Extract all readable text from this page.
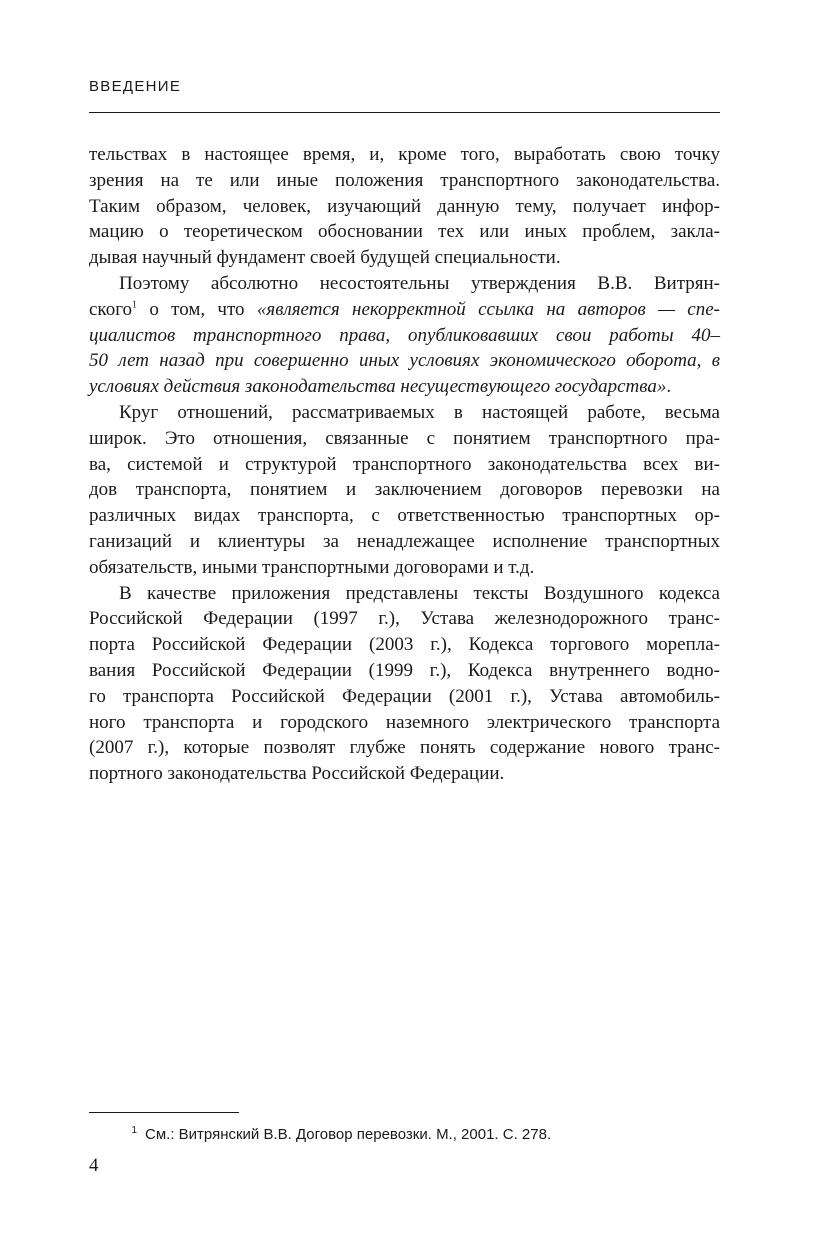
ВВЕДЕНИЕ
тельствах в настоящее время, и, кроме того, выработать свою точку
зрения на те или иные положения транспортного законодательства.
Таким образом, человек, изучающий данную тему, получает инфор-
мацию о теоретическом обосновании тех или иных проблем, закла-
дывая научный фундамент своей будущей специальности.
Поэтому абсолютно несостоятельны утверждения В.В. Витрян-
ского$^1$ о том, что «является некорректной ссылка на авторов — спе-
циалистов транспортного права, опубликовавших свои работы 40–
50 лет назад при совершенно иных условиях экономического оборота, в
условиях действия законодательства несуществующего государства».
Круг отношений, рассматриваемых в настоящей работе, весьма
широк. Это отношения, связанные с понятием транспортного пра-
ва, системой и структурой транспортного законодательства всех ви-
дов транспорта, понятием и заключением договоров перевозки на
различных видах транспорта, с ответственностью транспортных ор-
ганизаций и клиентуры за ненадлежащее исполнение транспортных
обязательств, иными транспортными договорами и т.д.
В качестве приложения представлены тексты Воздушного кодекса
Российской Федерации (1997 г.), Устава железнодорожного транс-
порта Российской Федерации (2003 г.), Кодекса торгового морепла-
вания Российской Федерации (1999 г.), Кодекса внутреннего водно-
го транспорта Российской Федерации (2001 г.), Устава автомобиль-
ного транспорта и городского наземного электрического транспорта
(2007 г.), которые позволят глубже понять содержание нового транс-
портного законодательства Российской Федерации.
1 См.: Витрянский В.В. Договор перевозки. М., 2001. С. 278.
4
